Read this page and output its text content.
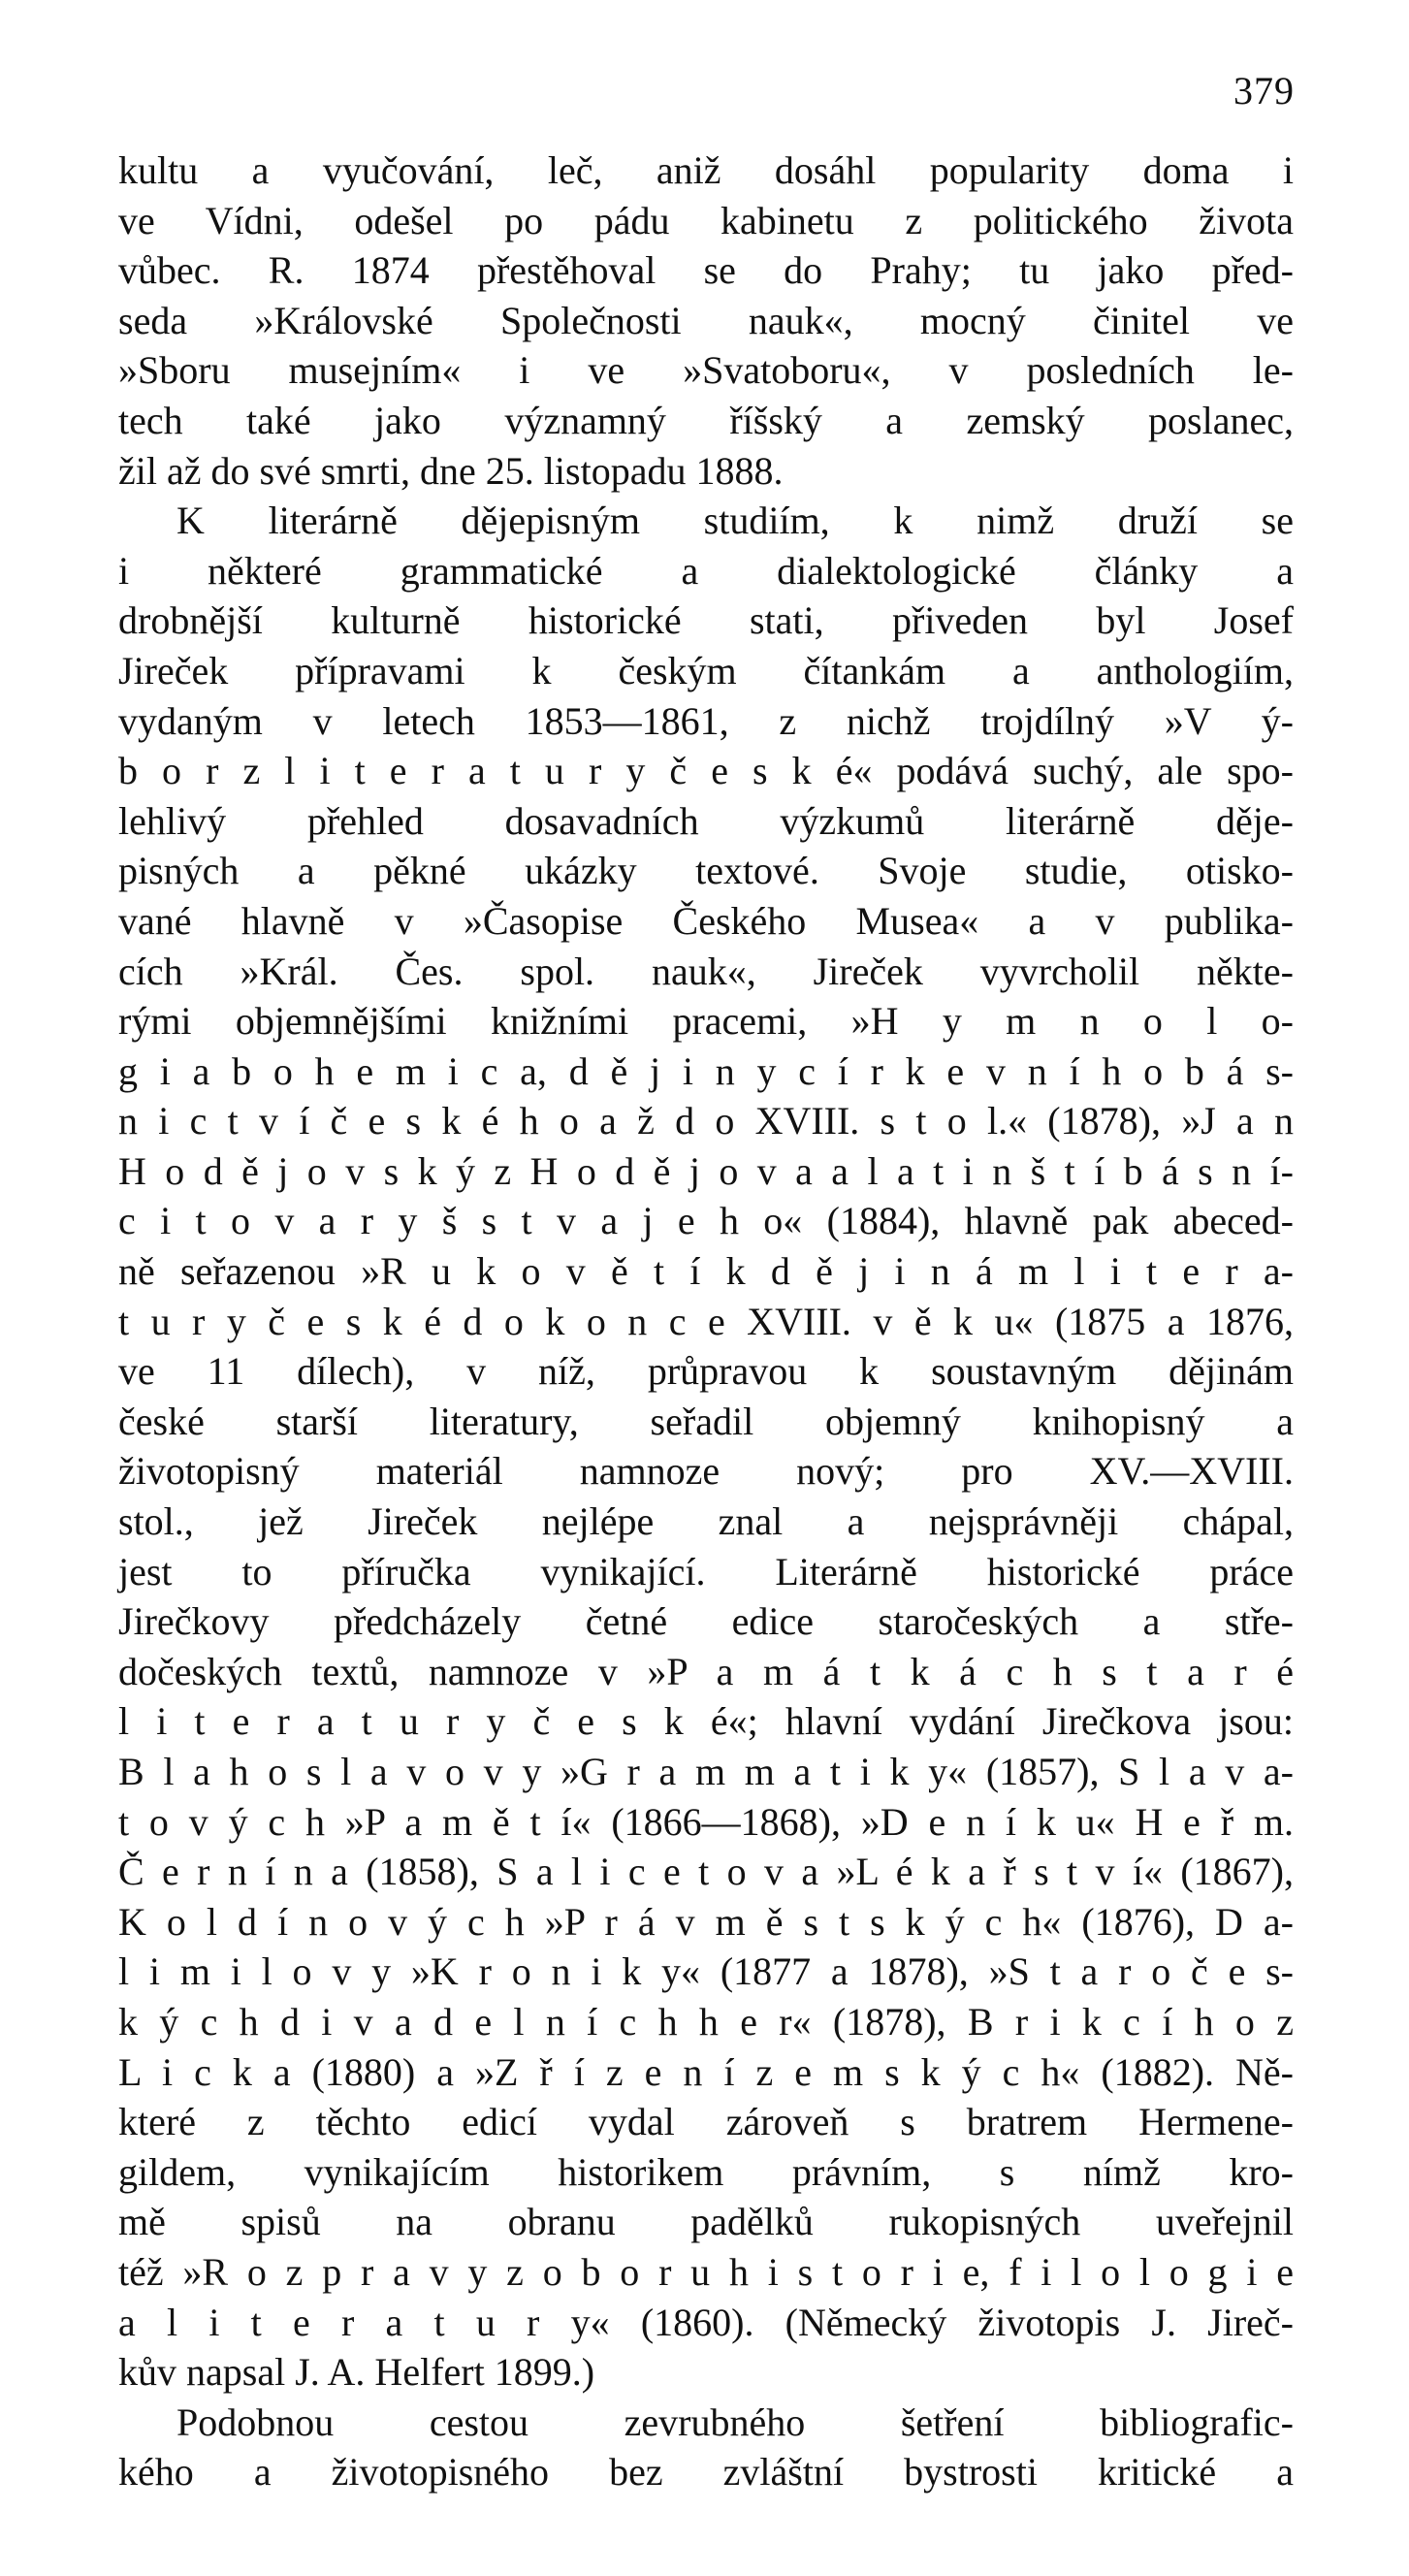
379
kultu a vyučování, leč, aniž dosáhl popularity doma i
ve Vídni, odešel po pádu kabinetu z politického života
vůbec. R. 1874 přestěhoval se do Prahy; tu jako před-
seda »Královské Společnosti nauk«, mocný činitel ve
»Sboru musejním« i ve »Svatoboru«, v posledních le-
tech také jako významný říšský a zemský poslanec,
žil až do své smrti, dne 25. listopadu 1888.
K literárně dějepisným studiím, k nimž druží se
i některé grammatické a dialektologické články a
drobnější kulturně historické stati, přiveden byl Josef
Jireček přípravami k českým čítankám a anthologiím,
vydaným v letech 1853—1861, z nichž trojdílný »V ý-
b o r z l i t e r a t u r y č e s k é« podává suchý, ale spo-
lehlivý přehled dosavadních výzkumů literárně děje-
pisných a pěkné ukázky textové. Svoje studie, otisko-
vané hlavně v »Časopise Českého Musea« a v publika-
cích »Král. Čes. spol. nauk«, Jireček vyvrcholil někte-
rými objemnějšími knižními pracemi, »H y m n o l o-
g i a b o h e m i c a, d ě j i n y c í r k e v n í h o b á s-
n i c t v í č e s k é h o a ž d o XVIII. s t o l.« (1878), »J a n
H o d ě j o v s k ý z H o d ě j o v a a l a t i n š t í b á s n í-
c i t o v a r y š s t v a j e h o« (1884), hlavně pak abeced-
ně seřazenou »R u k o v ě t í k d ě j i n á m l i t e r a-
t u r y č e s k é d o k o n c e XVIII. v ě k u« (1875 a 1876,
ve 11 dílech), v níž, průpravou k soustavným dějinám
české starší literatury, seřadil objemný knihopisný a
životopisný materiál namnoze nový; pro XV.—XVIII.
stol., jež Jireček nejlépe znal a nejsprávněji chápal,
jest to příručka vynikající. Literárně historické práce
Jirečkovy předcházely četné edice staročeských a stře-
dočeských textů, namnoze v »P a m á t k á c h s t a r é
l i t e r a t u r y č e s k é«; hlavní vydání Jirečkova jsou:
B l a h o s l a v o v y »G r a m m a t i k y« (1857), S l a v a-
t o v ý c h »P a m ě t í« (1866—1868), »D e n í k u« H e ř m.
Č e r n í n a (1858), S a l i c e t o v a »L é k a ř s t v í« (1867),
K o l d í n o v ý c h »P r á v m ě s t s k ý c h« (1876), D a-
l i m i l o v y »K r o n i k y« (1877 a 1878), »S t a r o č e s-
k ý c h d i v a d e l n í c h h e r« (1878), B r i k c í h o z
L i c k a (1880) a »Z ř í z e n í z e m s k ý c h« (1882). Ně-
které z těchto edicí vydal zároveň s bratrem Hermene-
gildem, vynikajícím historikem právním, s nímž kro-
mě spisů na obranu padělků rukopisných uveřejnil
též »R o z p r a v y z o b o r u h i s t o r i e, f i l o l o g i e
a l i t e r a t u r y« (1860). (Německý životopis J. Jireč-
kův napsal J. A. Helfert 1899.)
Podobnou cestou zevrubného šetření bibliografic-
kého a životopisného bez zvláštní bystrosti kritické a
